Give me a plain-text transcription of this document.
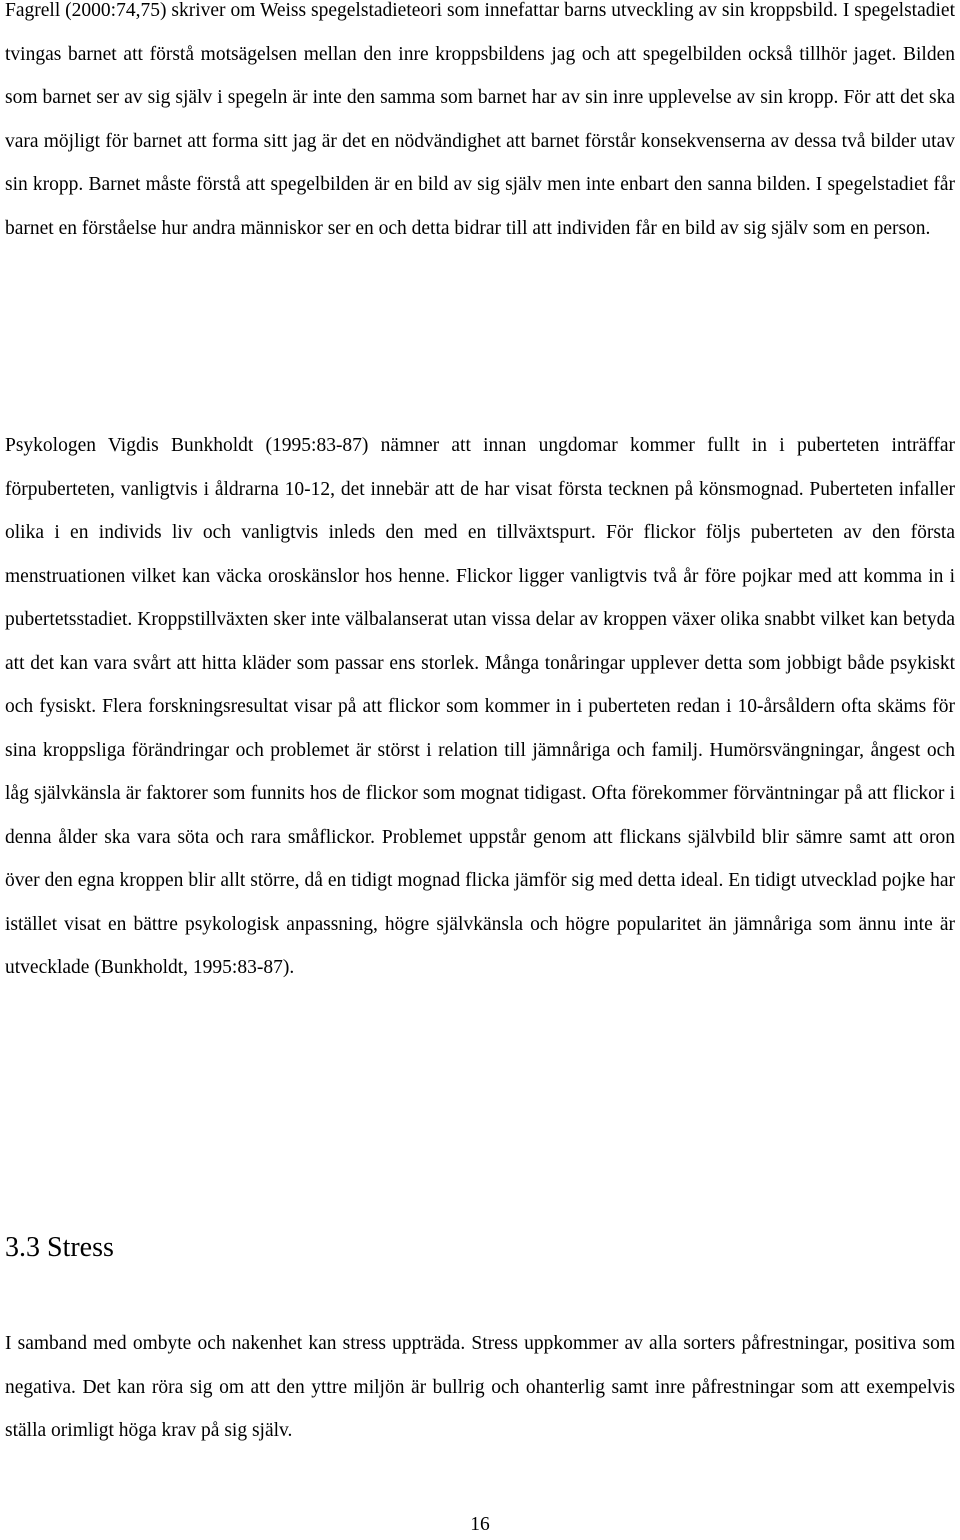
Fagrell (2000:74,75) skriver om Weiss spegelstadieteori som innefattar barns utveckling av sin kroppsbild. I spegelstadiet tvingas barnet att förstå motsägelsen mellan den inre kroppsbildens jag och att spegelbilden också tillhör jaget. Bilden som barnet ser av sig själv i spegeln är inte den samma som barnet har av sin inre upplevelse av sin kropp. För att det ska vara möjligt för barnet att forma sitt jag är det en nödvändighet att barnet förstår konsekvenserna av dessa två bilder utav sin kropp. Barnet måste förstå att spegelbilden är en bild av sig själv men inte enbart den sanna bilden. I spegelstadiet får barnet en förståelse hur andra människor ser en och detta bidrar till att individen får en bild av sig själv som en person.

Psykologen Vigdis Bunkholdt (1995:83-87) nämner att innan ungdomar kommer fullt in i puberteten inträffar förpuberteten, vanligtvis i åldrarna 10-12, det innebär att de har visat första tecknen på könsmognad. Puberteten infaller olika i en individs liv och vanligtvis inleds den med en tillväxtspurt. För flickor följs puberteten av den första menstruationen vilket kan väcka oroskänslor hos henne. Flickor ligger vanligtvis två år före pojkar med att komma in i pubertetsstadiet. Kroppstillväxten sker inte välbalanserat utan vissa delar av kroppen växer olika snabbt vilket kan betyda att det kan vara svårt att hitta kläder som passar ens storlek. Många tonåringar upplever detta som jobbigt både psykiskt och fysiskt. Flera forskningsresultat visar på att flickor som kommer in i puberteten redan i 10-årsåldern ofta skäms för sina kroppsliga förändringar och problemet är störst i relation till jämnåriga och familj. Humörsvängningar, ångest och låg självkänsla är faktorer som funnits hos de flickor som mognat tidigast. Ofta förekommer förväntningar på att flickor i denna ålder ska vara söta och rara småflickor. Problemet uppstår genom att flickans självbild blir sämre samt att oron över den egna kroppen blir allt större, då en tidigt mognad flicka jämför sig med detta ideal. En tidigt utvecklad pojke har istället visat en bättre psykologisk anpassning, högre självkänsla och högre popularitet än jämnåriga som ännu inte är utvecklade (Bunkholdt, 1995:83-87).

3.3 Stress

I samband med ombyte och nakenhet kan stress uppträda. Stress uppkommer av alla sorters påfrestningar, positiva som negativa. Det kan röra sig om att den yttre miljön är bullrig och ohanterlig samt inre påfrestningar som att exempelvis ställa orimligt höga krav på sig själv.

16
